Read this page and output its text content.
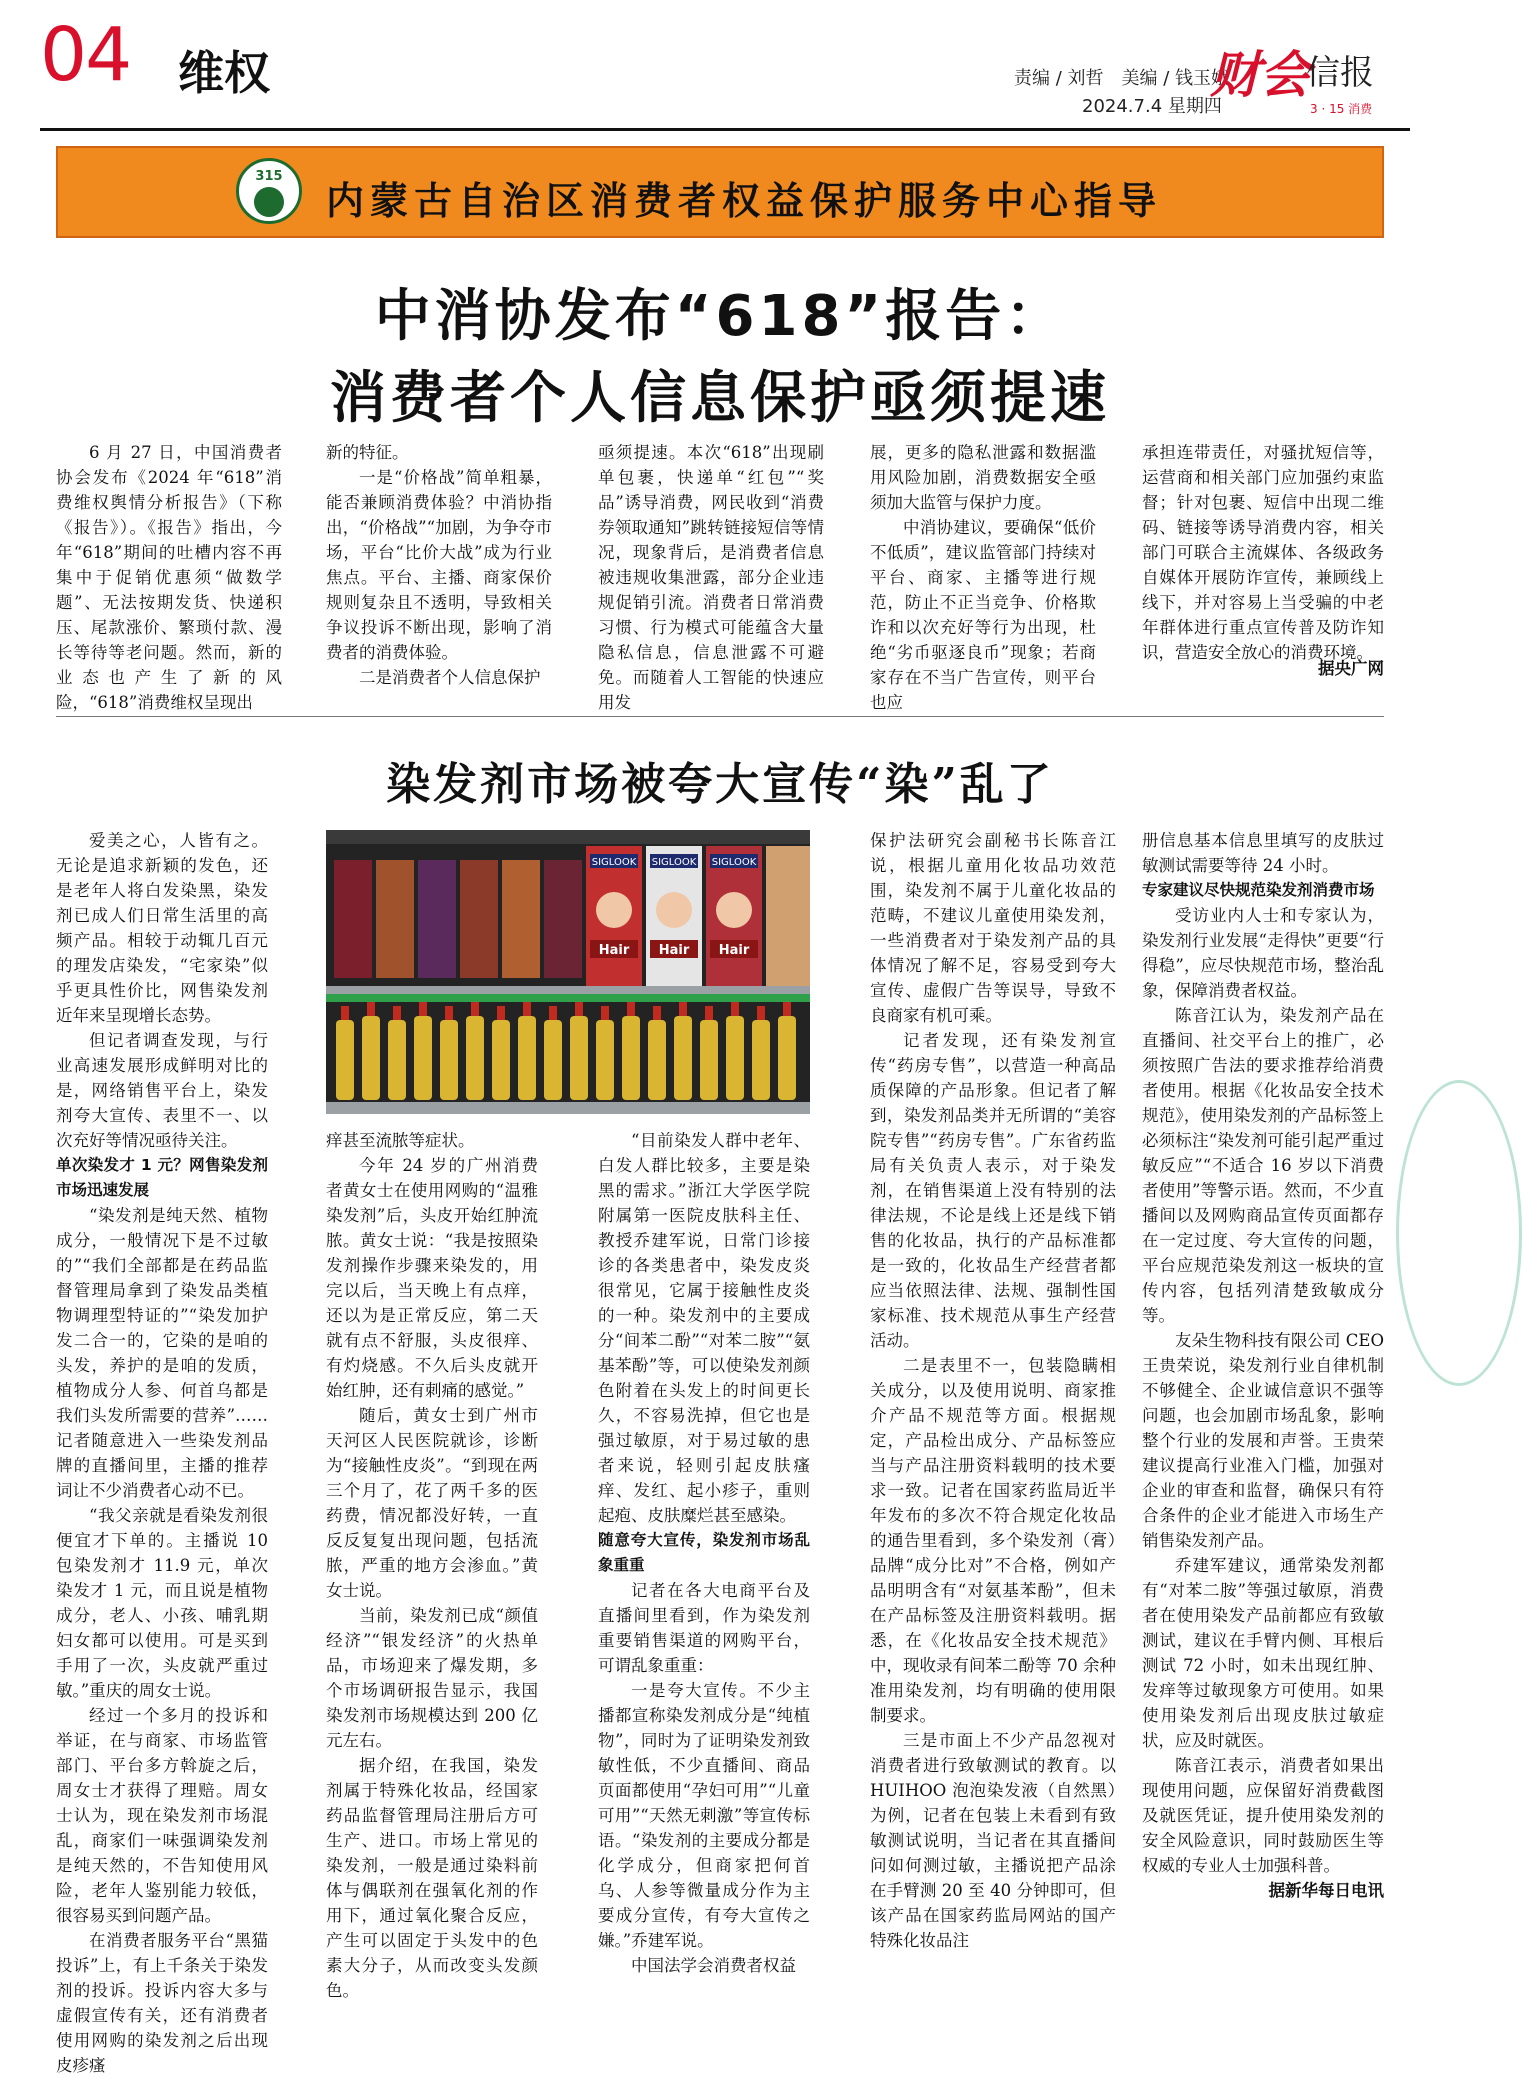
04 维权	责编 / 刘哲　美编 / 钱玉娥
2024.7.4 星期四
财会
信报
3 · 15 消费
315
内蒙古自治区消费者权益保护服务中心指导
中消协发布“618”报告：
消费者个人信息保护亟须提速

6 月 27 日，中国消费者协会发布《2024 年“618”消费维权舆情分析报告》（下称《报告》）。《报告》指出，今年“618”期间的吐槽内容不再集中于促销优惠须“做数学题”、无法按期发货、快递积压、尾款涨价、繁琐付款、漫长等待等老问题。然而，新的业态也产生了新的风险，“618”消费维权呈现出

新的特征。

一是“价格战”简单粗暴，能否兼顾消费体验？中消协指出，“价格战”“加剧，为争夺市场，平台“比价大战”成为行业焦点。平台、主播、商家保价规则复杂且不透明，导致相关争议投诉不断出现，影响了消费者的消费体验。

二是消费者个人信息保护

亟须提速。本次“618”出现刷单包裹，快递单“红包”“奖品”诱导消费，网民收到“消费券领取通知”跳转链接短信等情况，现象背后，是消费者信息被违规收集泄露，部分企业违规促销引流。消费者日常消费习惯、行为模式可能蕴含大量隐私信息，信息泄露不可避免。而随着人工智能的快速应用发

展，更多的隐私泄露和数据滥用风险加剧，消费数据安全亟须加大监管与保护力度。

中消协建议，要确保“低价不低质”，建议监管部门持续对平台、商家、主播等进行规范，防止不正当竞争、价格欺诈和以次充好等行为出现，杜绝“劣币驱逐良币”现象；若商家存在不当广告宣传，则平台也应

承担连带责任，对骚扰短信等，运营商和相关部门应加强约束监督；针对包裹、短信中出现二维码、链接等诱导消费内容，相关部门可联合主流媒体、各级政务自媒体开展防诈宣传，兼顾线上线下，并对容易上当受骗的中老年群体进行重点宣传普及防诈知识，营造安全放心的消费环境。

据央广网

染发剂市场被夸大宣传“染”乱了
SIGLOOK SIGLOOK SIGLOOK
Hair Hair Hair

爱美之心，人皆有之。无论是追求新颖的发色，还是老年人将白发染黑，染发剂已成人们日常生活里的高频产品。相较于动辄几百元的理发店染发，“宅家染”似乎更具性价比，网售染发剂近年来呈现增长态势。

但记者调查发现，与行业高速发展形成鲜明对比的是，网络销售平台上，染发剂夸大宣传、表里不一、以次充好等情况亟待关注。

单次染发才 1 元？网售染发剂市场迅速发展

“染发剂是纯天然、植物成分，一般情况下是不过敏的”“我们全部都是在药品监督管理局拿到了染发品类植物调理型特证的”“染发加护发二合一的，它染的是咱的头发，养护的是咱的发质，植物成分人参、何首乌都是我们头发所需要的营养”……记者随意进入一些染发剂品牌的直播间里，主播的推荐词让不少消费者心动不已。

“我父亲就是看染发剂很便宜才下单的。主播说 10 包染发剂才 11.9 元，单次染发才 1 元，而且说是植物成分，老人、小孩、哺乳期妇女都可以使用。可是买到手用了一次，头皮就严重过敏。”重庆的周女士说。

经过一个多月的投诉和举证，在与商家、市场监管部门、平台多方斡旋之后，周女士才获得了理赔。周女士认为，现在染发剂市场混乱，商家们一味强调染发剂是纯天然的，不告知使用风险，老年人鉴别能力较低，很容易买到问题产品。

在消费者服务平台“黑猫投诉”上，有上千条关于染发剂的投诉。投诉内容大多与虚假宣传有关，还有消费者使用网购的染发剂之后出现皮疹瘙

痒甚至流脓等症状。

今年 24 岁的广州消费者黄女士在使用网购的“温雅染发剂”后，头皮开始红肿流脓。黄女士说：“我是按照染发剂操作步骤来染发的，用完以后，当天晚上有点痒，还以为是正常反应，第二天就有点不舒服，头皮很痒、有灼烧感。不久后头皮就开始红肿，还有刺痛的感觉。”

随后，黄女士到广州市天河区人民医院就诊，诊断为“接触性皮炎”。“到现在两三个月了，花了两千多的医药费，情况都没好转，一直反反复复出现问题，包括流脓，严重的地方会渗血。”黄女士说。

当前，染发剂已成“颜值经济”“银发经济”的火热单品，市场迎来了爆发期，多个市场调研报告显示，我国染发剂市场规模达到 200 亿元左右。

据介绍，在我国，染发剂属于特殊化妆品，经国家药品监督管理局注册后方可生产、进口。市场上常见的染发剂，一般是通过染料前体与偶联剂在强氧化剂的作用下，通过氧化聚合反应，产生可以固定于头发中的色素大分子，从而改变头发颜色。

“目前染发人群中老年、白发人群比较多，主要是染黑的需求。”浙江大学医学院附属第一医院皮肤科主任、教授乔建军说，日常门诊接诊的各类患者中，染发皮炎很常见，它属于接触性皮炎的一种。染发剂中的主要成分“间苯二酚”“对苯二胺”“氨基苯酚”等，可以使染发剂颜色附着在头发上的时间更长久，不容易洗掉，但它也是强过敏原，对于易过敏的患者来说，轻则引起皮肤瘙痒、发红、起小疹子，重则起疱、皮肤糜烂甚至感染。

随意夸大宣传，染发剂市场乱象重重

记者在各大电商平台及直播间里看到，作为染发剂重要销售渠道的网购平台，可谓乱象重重：

一是夸大宣传。不少主播都宣称染发剂成分是“纯植物”，同时为了证明染发剂致敏性低，不少直播间、商品页面都使用“孕妇可用”“儿童可用”“天然无刺激”等宣传标语。“染发剂的主要成分都是化学成分，但商家把何首乌、人参等微量成分作为主要成分宣传，有夸大宣传之嫌。”乔建军说。

中国法学会消费者权益

保护法研究会副秘书长陈音江说，根据儿童用化妆品功效范围，染发剂不属于儿童化妆品的范畴，不建议儿童使用染发剂，一些消费者对于染发剂产品的具体情况了解不足，容易受到夸大宣传、虚假广告等误导，导致不良商家有机可乘。

记者发现，还有染发剂宣传“药房专售”，以营造一种高品质保障的产品形象。但记者了解到，染发剂品类并无所谓的“美容院专售”“药房专售”。广东省药监局有关负责人表示，对于染发剂，在销售渠道上没有特别的法律法规，不论是线上还是线下销售的化妆品，执行的产品标准都是一致的，化妆品生产经营者都应当依照法律、法规、强制性国家标准、技术规范从事生产经营活动。

二是表里不一，包装隐瞒相关成分，以及使用说明、商家推介产品不规范等方面。根据规定，产品检出成分、产品标签应当与产品注册资料载明的技术要求一致。记者在国家药监局近半年发布的多次不符合规定化妆品的通告里看到，多个染发剂（膏）品牌“成分比对”不合格，例如产品明明含有“对氨基苯酚”，但未在产品标签及注册资料载明。据悉，在《化妆品安全技术规范》中，现收录有间苯二酚等 70 余种准用染发剂，均有明确的使用限制要求。

三是市面上不少产品忽视对消费者进行致敏测试的教育。以 HUIHOO 泡泡染发液（自然黑）为例，记者在包装上未看到有致敏测试说明，当记者在其直播间问如何测过敏，主播说把产品涂在手臂测 20 至 40 分钟即可，但该产品在国家药监局网站的国产特殊化妆品注

册信息基本信息里填写的皮肤过敏测试需要等待 24 小时。

专家建议尽快规范染发剂消费市场

受访业内人士和专家认为，染发剂行业发展“走得快”更要“行得稳”，应尽快规范市场，整治乱象，保障消费者权益。

陈音江认为，染发剂产品在直播间、社交平台上的推广，必须按照广告法的要求推荐给消费者使用。根据《化妆品安全技术规范》，使用染发剂的产品标签上必须标注“染发剂可能引起严重过敏反应”“不适合 16 岁以下消费者使用”等警示语。然而，不少直播间以及网购商品宣传页面都存在一定过度、夸大宣传的问题，平台应规范染发剂这一板块的宣传内容，包括列清楚致敏成分等。

友朵生物科技有限公司 CEO 王贵荣说，染发剂行业自律机制不够健全、企业诚信意识不强等问题，也会加剧市场乱象，影响整个行业的发展和声誉。王贵荣建议提高行业准入门槛，加强对企业的审查和监督，确保只有符合条件的企业才能进入市场生产销售染发剂产品。

乔建军建议，通常染发剂都有“对苯二胺”等强过敏原，消费者在使用染发产品前都应有致敏测试，建议在手臂内侧、耳根后测试 72 小时，如未出现红肿、发痒等过敏现象方可使用。如果使用染发剂后出现皮肤过敏症状，应及时就医。

陈音江表示，消费者如果出现使用问题，应保留好消费截图及就医凭证，提升使用染发剂的安全风险意识，同时鼓励医生等权威的专业人士加强科普。

据新华每日电讯
